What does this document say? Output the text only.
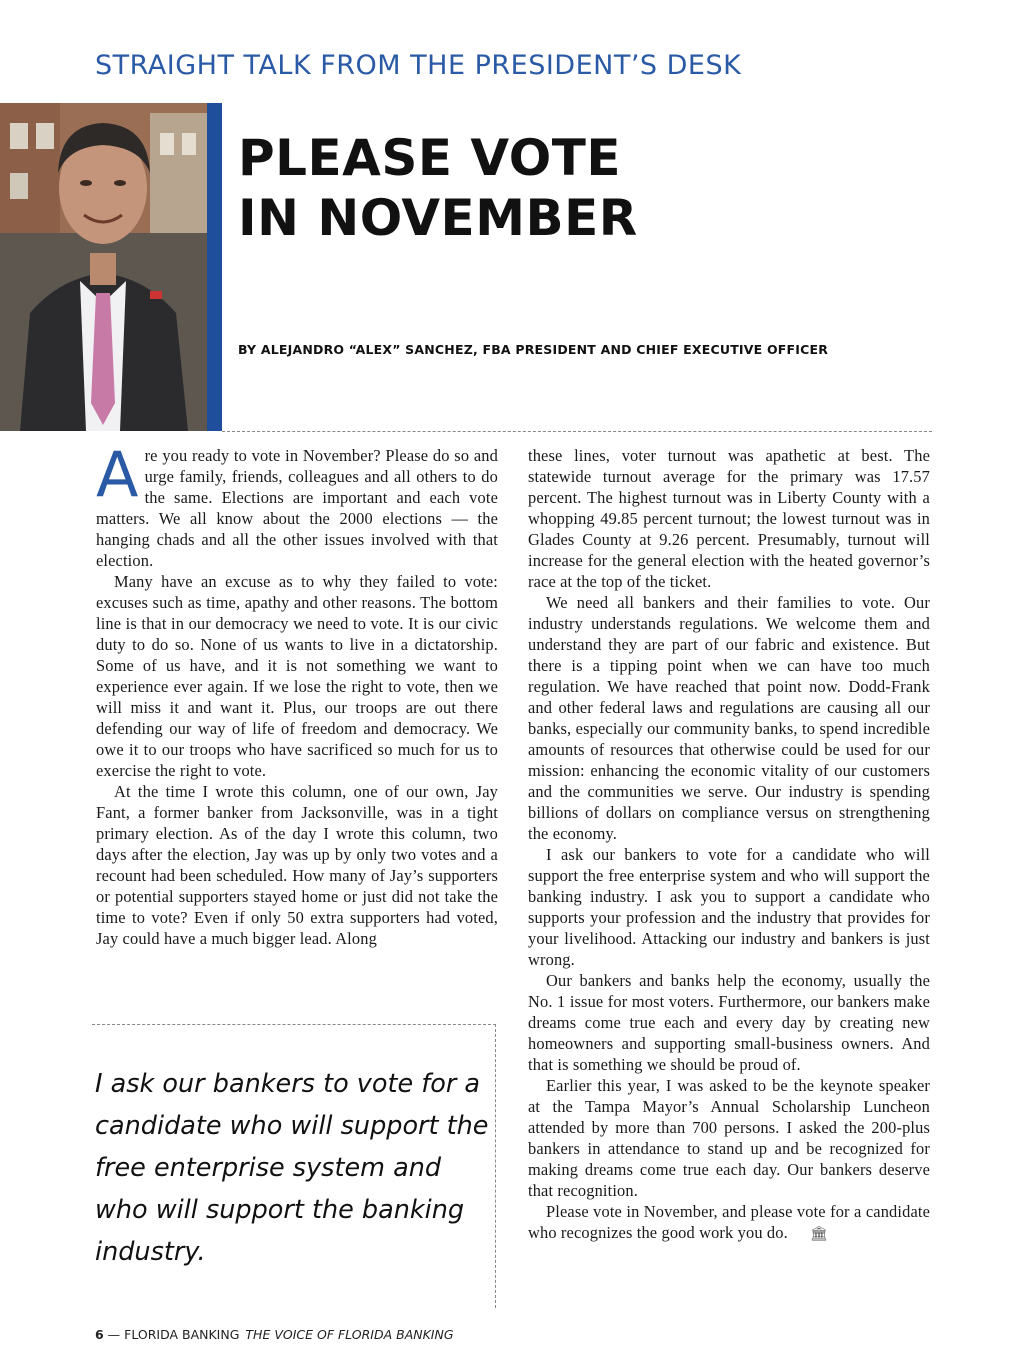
STRAIGHT TALK FROM THE PRESIDENT’S DESK
PLEASE VOTE
IN NOVEMBER
BY ALEJANDRO “ALEX” SANCHEZ, FBA PRESIDENT AND CHIEF EXECUTIVE OFFICER

Are you ready to vote in November? Please do so and urge family, friends, colleagues and all others to do the same. Elections are important and each vote matters. We all know about the 2000 elections — the hanging chads and all the other issues involved with that election.

Many have an excuse as to why they failed to vote: excuses such as time, apathy and other reasons. The bottom line is that in our democracy we need to vote. It is our civic duty to do so. None of us wants to live in a dictatorship. Some of us have, and it is not something we want to experience ever again. If we lose the right to vote, then we will miss it and want it. Plus, our troops are out there defending our way of life of freedom and democracy. We owe it to our troops who have sacrificed so much for us to exercise the right to vote.

At the time I wrote this column, one of our own, Jay Fant, a former banker from Jacksonville, was in a tight primary election. As of the day I wrote this column, two days after the election, Jay was up by only two votes and a recount had been scheduled. How many of Jay’s supporters or potential supporters stayed home or just did not take the time to vote? Even if only 50 extra supporters had voted, Jay could have a much bigger lead. Along

these lines, voter turnout was apathetic at best. The statewide turnout average for the primary was 17.57 percent. The highest turnout was in Liberty County with a whopping 49.85 percent turnout; the lowest turnout was in Glades County at 9.26 percent. Presumably, turnout will increase for the general election with the heated governor’s race at the top of the ticket.

We need all bankers and their families to vote. Our industry understands regulations. We welcome them and understand they are part of our fabric and existence. But there is a tipping point when we can have too much regulation. We have reached that point now. Dodd-Frank and other federal laws and regulations are causing all our banks, especially our community banks, to spend incredible amounts of resources that otherwise could be used for our mission: enhancing the economic vitality of our customers and the communities we serve. Our industry is spending billions of dollars on compliance versus on strengthening the economy.

I ask our bankers to vote for a candidate who will support the free enterprise system and who will support the banking industry. I ask you to support a candidate who supports your profession and the industry that provides for your livelihood. Attacking our industry and bankers is just wrong.

Our bankers and banks help the economy, usually the No. 1 issue for most voters. Furthermore, our bankers make dreams come true each and every day by creating new homeowners and supporting small-business owners. And that is something we should be proud of.

Earlier this year, I was asked to be the keynote speaker at the Tampa Mayor’s Annual Scholarship Luncheon attended by more than 700 persons. I asked the 200-plus bankers in attendance to stand up and be recognized for making dreams come true each day. Our bankers deserve that recognition.

Please vote in November, and please vote for a candidate who recognizes the good work you do. 🏛

I ask our bankers to vote for a candidate who will support the free enterprise system and who will support the banking industry.

6 — FLORIDA BANKING THE VOICE OF FLORIDA BANKING
